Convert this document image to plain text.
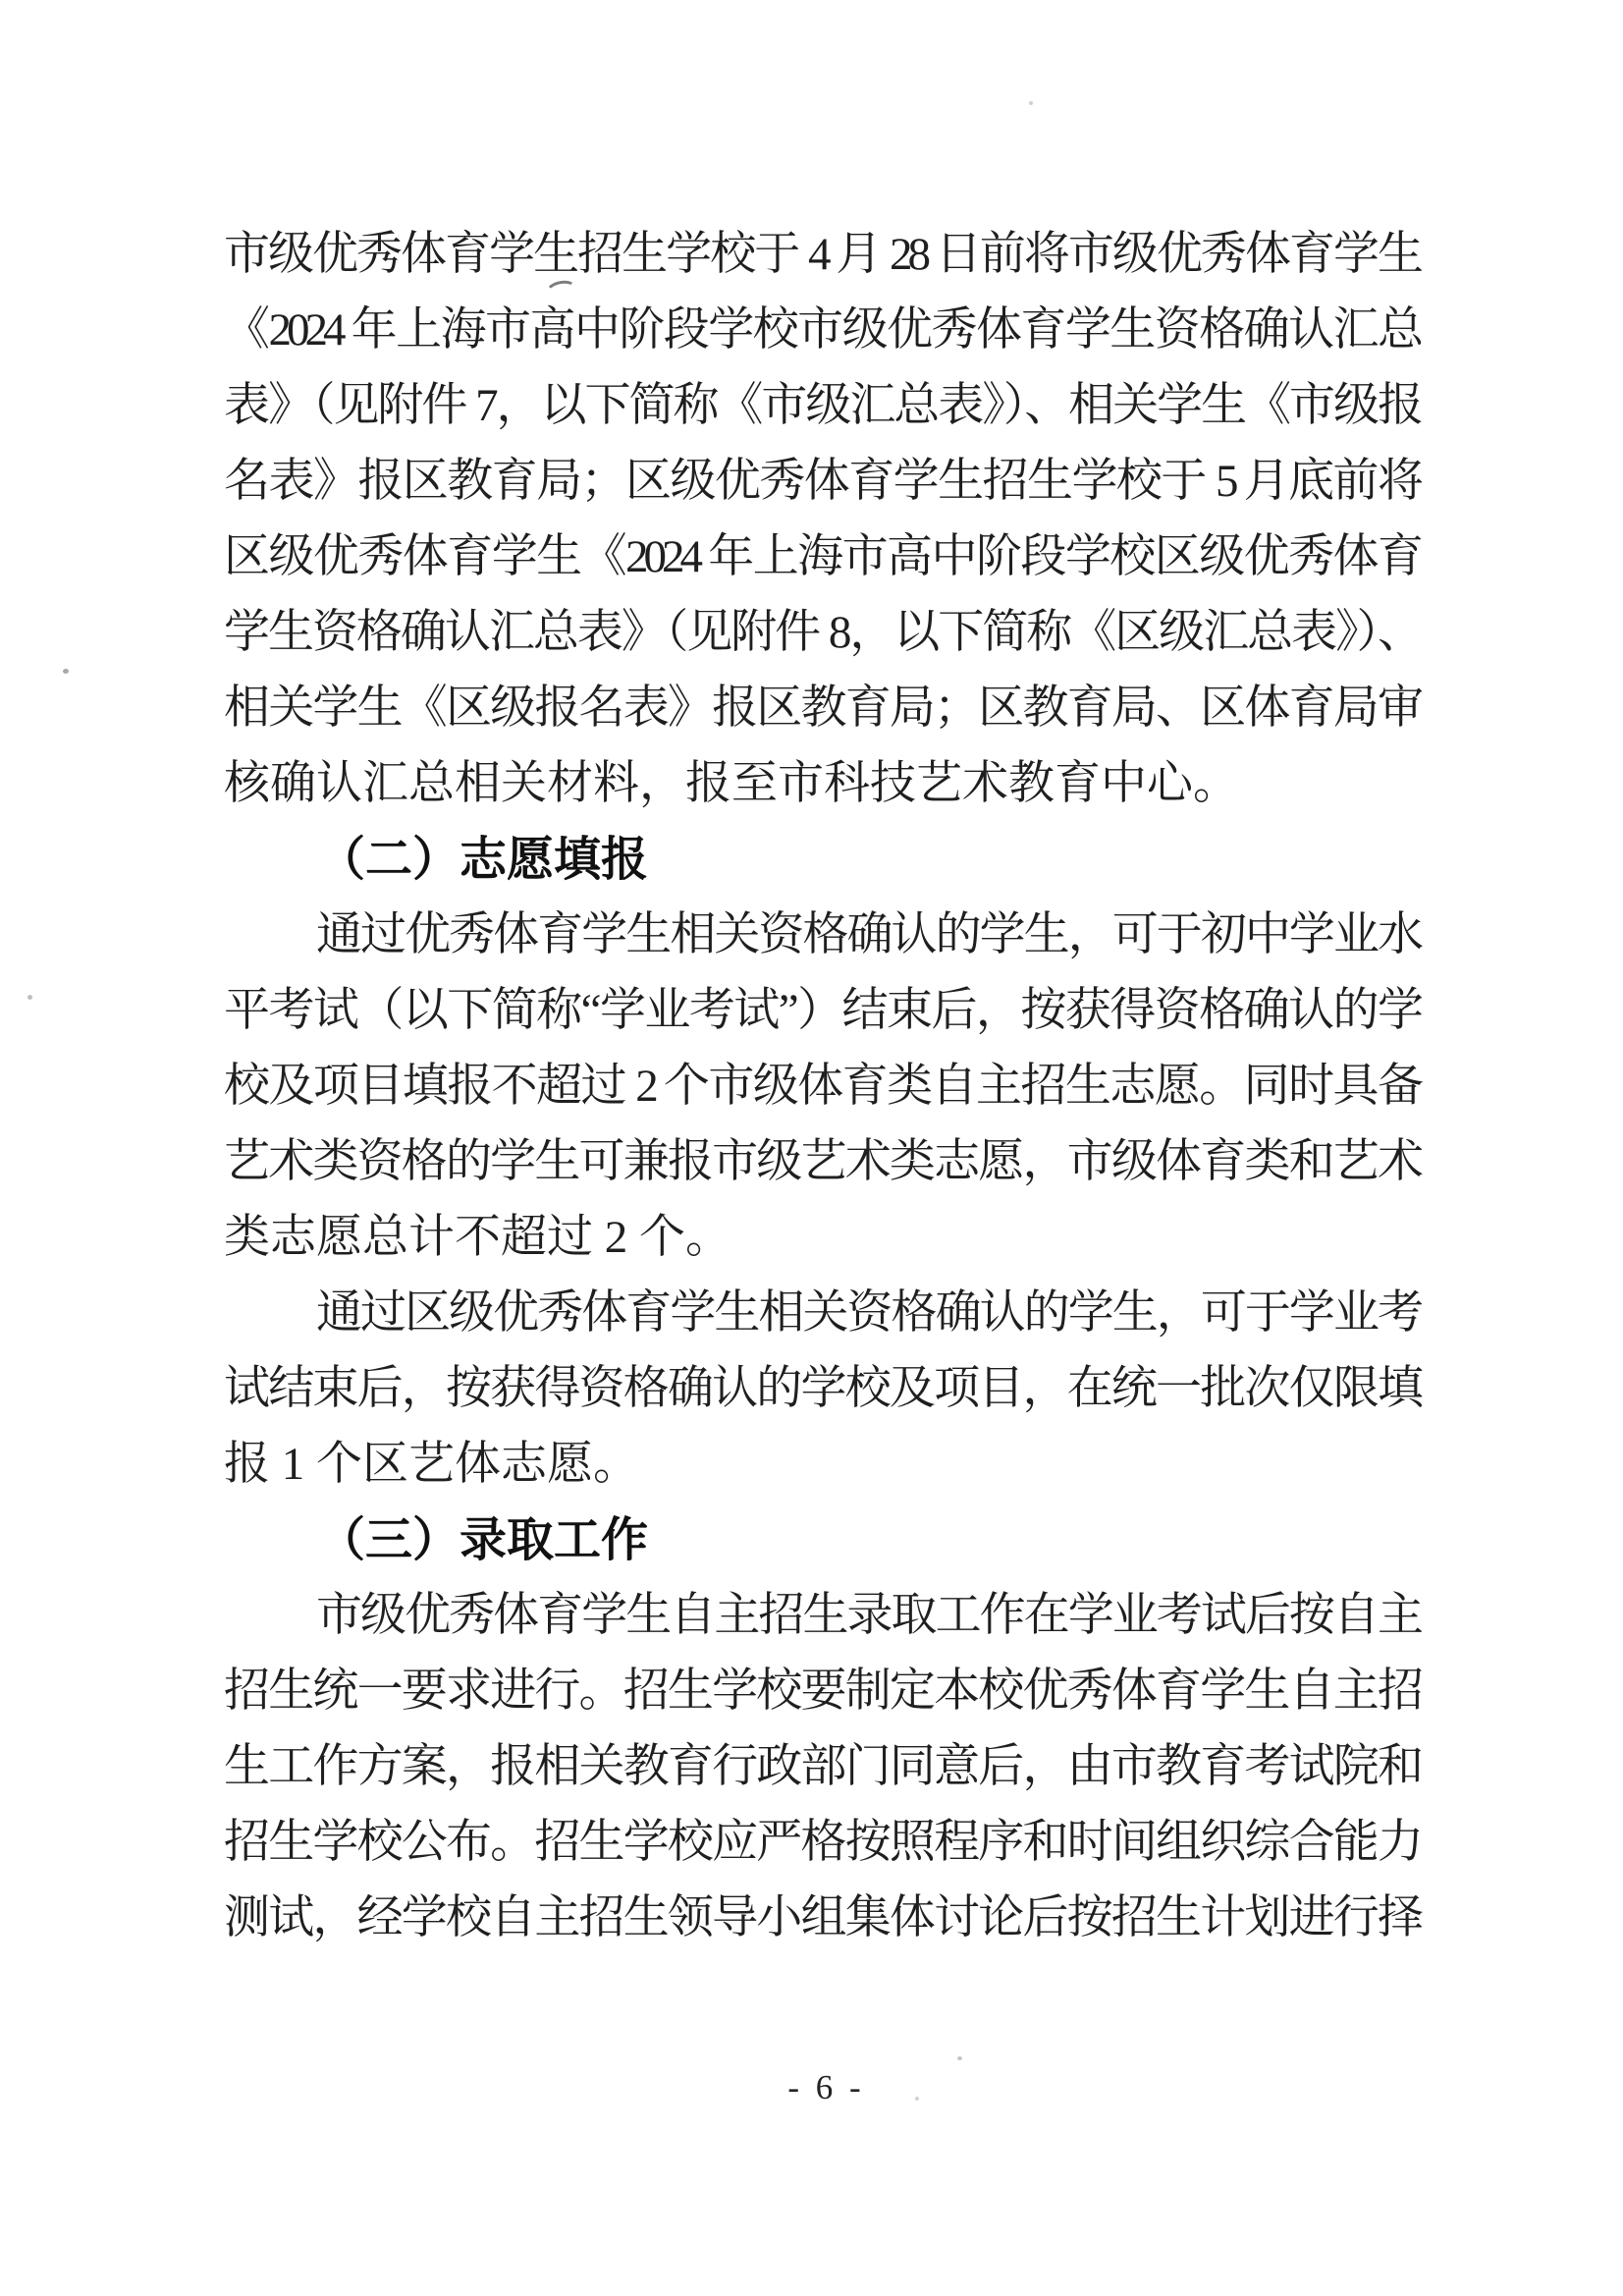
市级优秀体育学生招生学校于 4 月 28 日前将市级优秀体育学生
《2024 年上海市高中阶段学校市级优秀体育学生资格确认汇总
表》（见附件 7，以下简称《市级汇总表》）、相关学生《市级报
名表》报区教育局；区级优秀体育学生招生学校于 5 月底前将
区级优秀体育学生《2024 年上海市高中阶段学校区级优秀体育
学生资格确认汇总表》（见附件 8，以下简称《区级汇总表》）、
相关学生《区级报名表》报区教育局；区教育局、区体育局审
核确认汇总相关材料，报至市科技艺术教育中心。
（二）志愿填报
通过优秀体育学生相关资格确认的学生，可于初中学业水
平考试（以下简称“学业考试”）结束后，按获得资格确认的学
校及项目填报不超过 2 个市级体育类自主招生志愿。同时具备
艺术类资格的学生可兼报市级艺术类志愿，市级体育类和艺术
类志愿总计不超过 2 个。
通过区级优秀体育学生相关资格确认的学生，可于学业考
试结束后，按获得资格确认的学校及项目，在统一批次仅限填
报 1 个区艺体志愿。
（三）录取工作
市级优秀体育学生自主招生录取工作在学业考试后按自主
招生统一要求进行。招生学校要制定本校优秀体育学生自主招
生工作方案，报相关教育行政部门同意后，由市教育考试院和
招生学校公布。招生学校应严格按照程序和时间组织综合能力
测试，经学校自主招生领导小组集体讨论后按招生计划进行择
- 6 -
